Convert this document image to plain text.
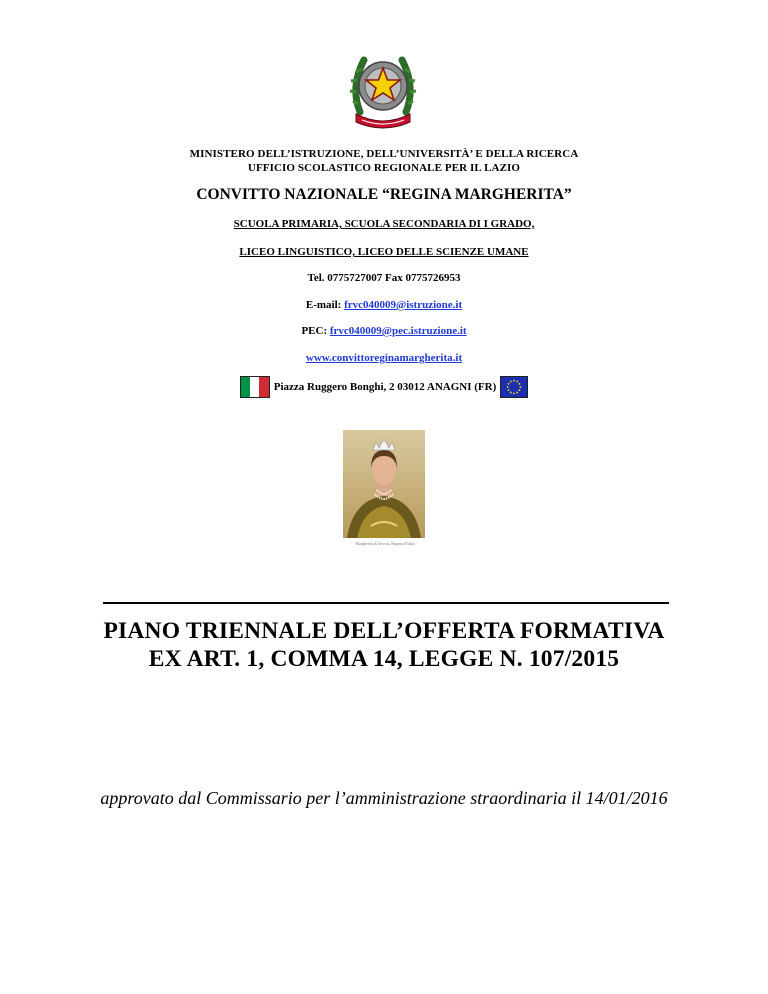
MINISTERO DELL’ISTRUZIONE, DELL’UNIVERSITÀ’ E DELLA RICERCA
UFFICIO SCOLASTICO REGIONALE PER IL LAZIO
CONVITTO NAZIONALE “REGINA MARGHERITA”
SCUOLA PRIMARIA, SCUOLA SECONDARIA DI I GRADO,
LICEO LINGUISTICO, LICEO DELLE SCIENZE UMANE
Tel. 0775727007 Fax 0775726953
E-mail: frvc040009@istruzione.it
PEC: frvc040009@pec.istruzione.it
www.convittoreginamargherita.it
Piazza Ruggero Bonghi, 2 03012 ANAGNI (FR)
Margherita di Savoia, Regina d'Italia
PIANO TRIENNALE DELL’OFFERTA FORMATIVA
EX ART. 1, COMMA 14, LEGGE N. 107/2015
approvato dal Commissario per l’amministrazione straordinaria il 14/01/2016
